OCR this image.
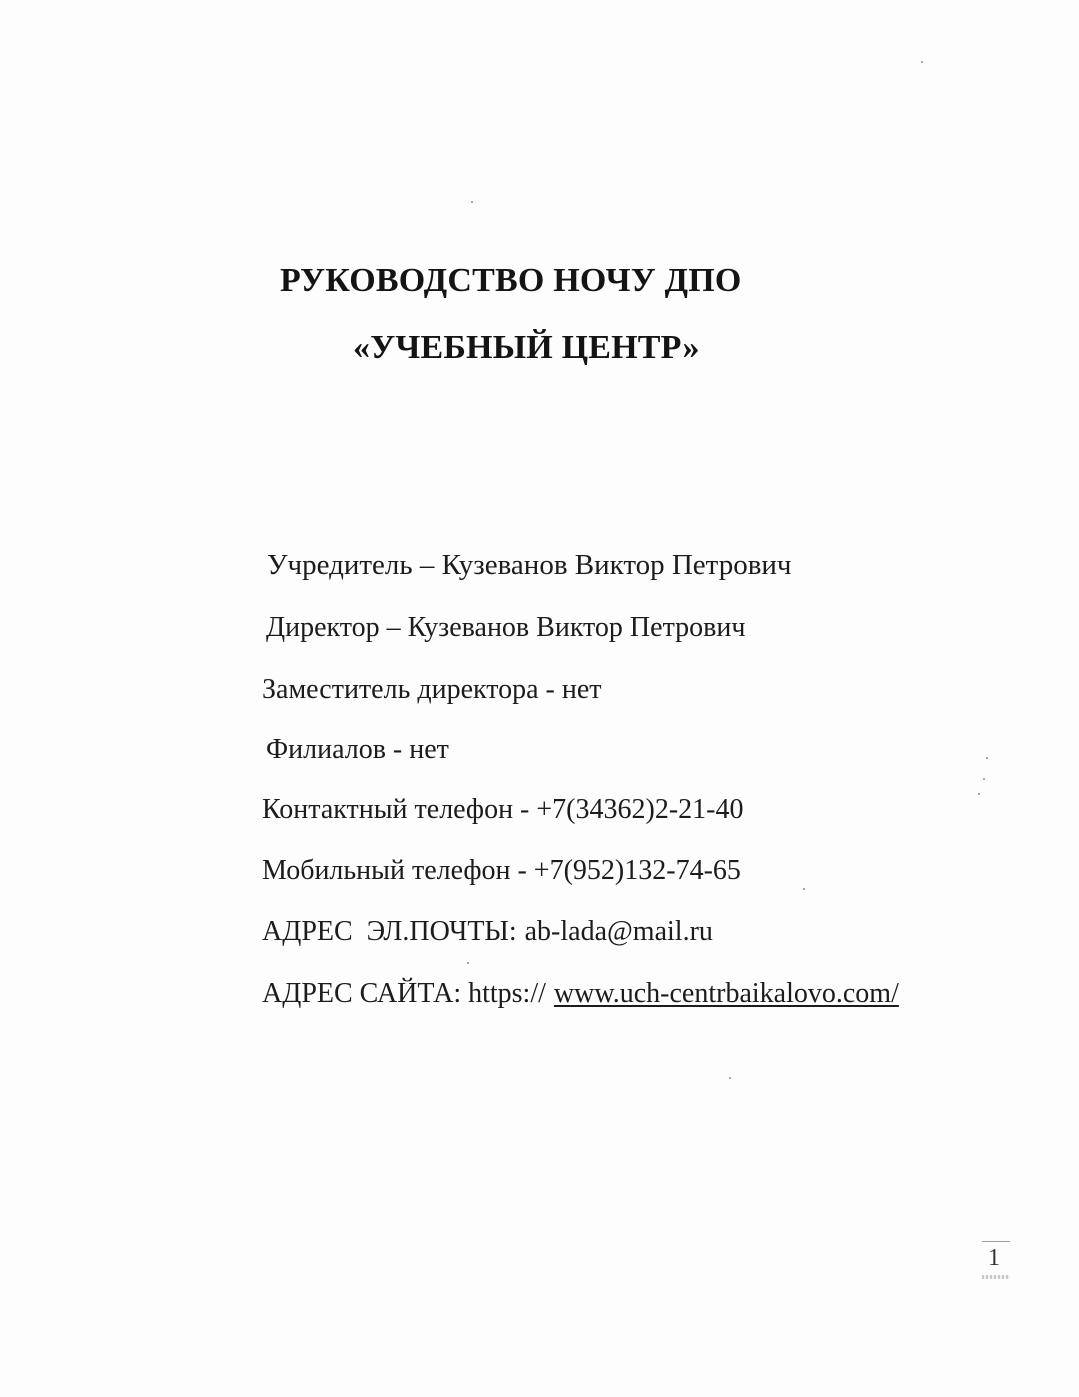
РУКОВОДСТВО НОЧУ ДПО
«УЧЕБНЫЙ ЦЕНТР»
Учредитель – Кузеванов Виктор Петрович
Директор – Кузеванов Виктор Петрович
Заместитель директора - нет
Филиалов - нет
Контактный телефон - +7(34362)2-21-40
Мобильный телефон - +7(952)132-74-65
АДРЕС  ЭЛ.ПОЧТЫ: ab-lada@mail.ru
АДРЕС САЙТА: https:// www.uch-centrbaikalovo.com/
1
